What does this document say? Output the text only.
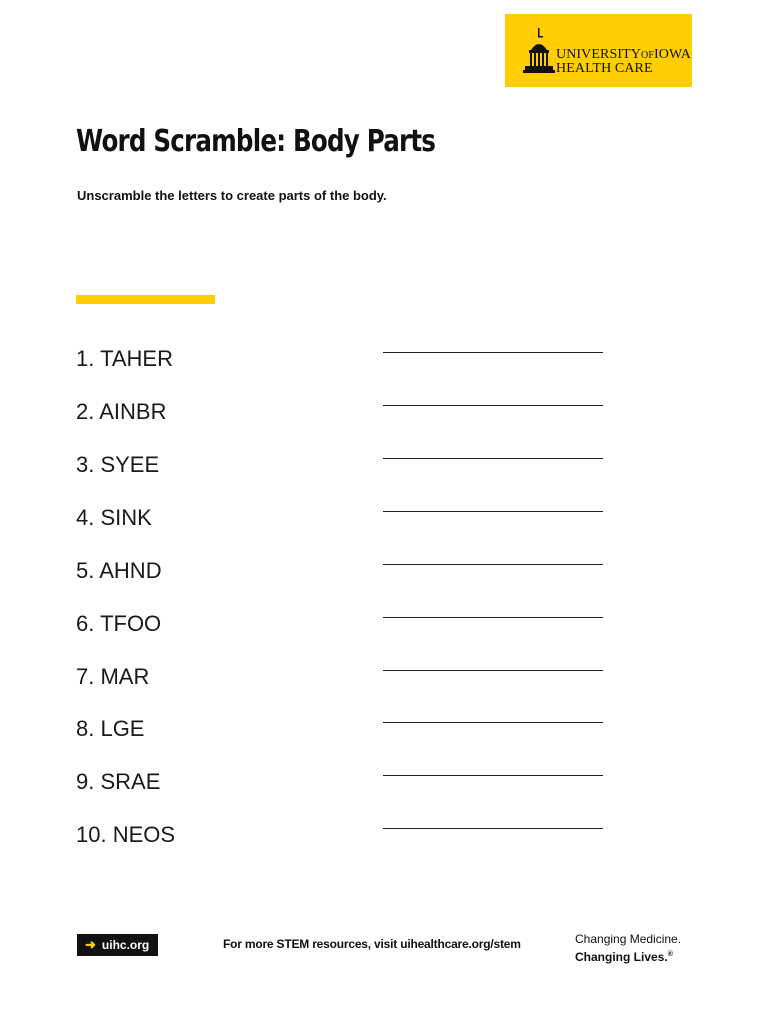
UNIVERSITYOFIOWA
HEALTH CARE
Word Scramble: Body Parts

Unscramble the letters to create parts of the body.

1. TAHER
2. AINBR
3. SYEE
4. SINK
5. AHND
6. TFOO
7. MAR
8. LGE
9. SRAE
10. NEOS
➜ uihc.org	For more STEM resources, visit uihealthcare.org/stem	Changing Medicine.
Changing Lives.®
